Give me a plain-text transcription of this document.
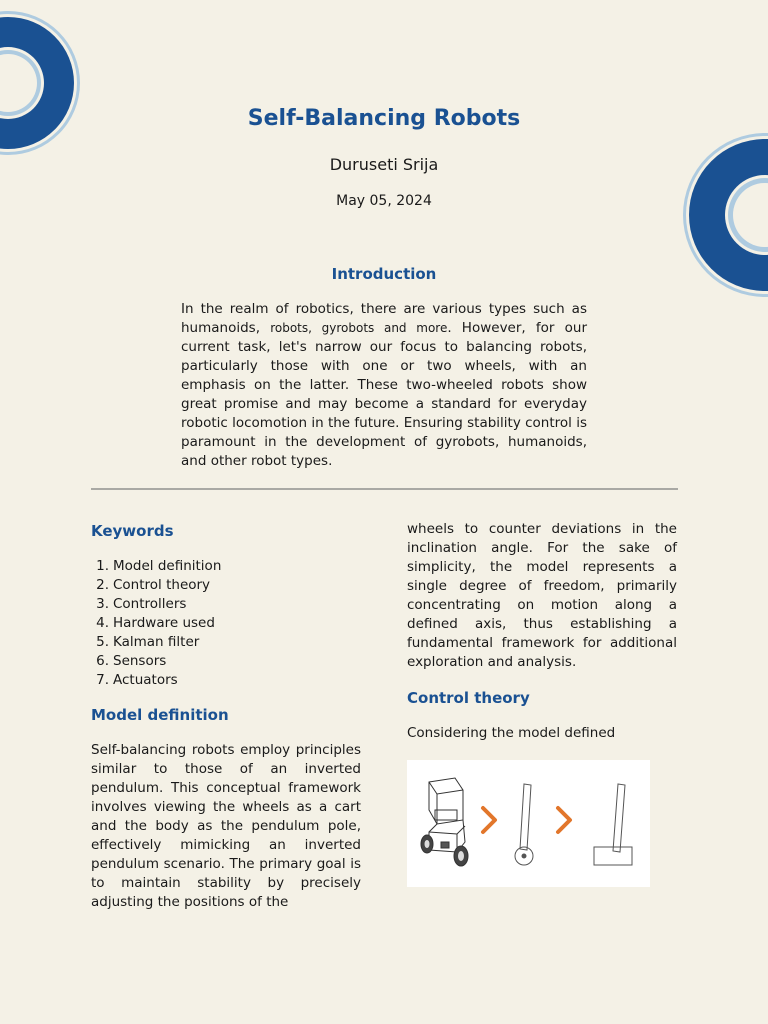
Self-Balancing Robots
Duruseti Srija
May 05, 2024
Introduction

In the realm of robotics, there are various types such as humanoids, robots, gyrobots and more. However, for our current task, let's narrow our focus to balancing robots, particularly those with one or two wheels, with an emphasis on the latter. These two-wheeled robots show great promise and may become a standard for everyday robotic locomotion in the future. Ensuring stability control is paramount in the development of gyrobots, humanoids, and other robot types.

Keywords
1. Model definition
2. Control theory
3. Controllers
4. Hardware used
5. Kalman filter
6. Sensors
7. Actuators
Model definition

Self-balancing robots employ principles similar to those of an inverted pendulum. This conceptual framework involves viewing the wheels as a cart and the body as the pendulum pole, effectively mimicking an inverted pendulum scenario. The primary goal is to maintain stability by precisely adjusting the positions of the

wheels to counter deviations in the inclination angle. For the sake of simplicity, the model represents a single degree of freedom, primarily concentrating on motion along a defined axis, thus establishing a fundamental framework for additional exploration and analysis.

Control theory

Considering the model defined
